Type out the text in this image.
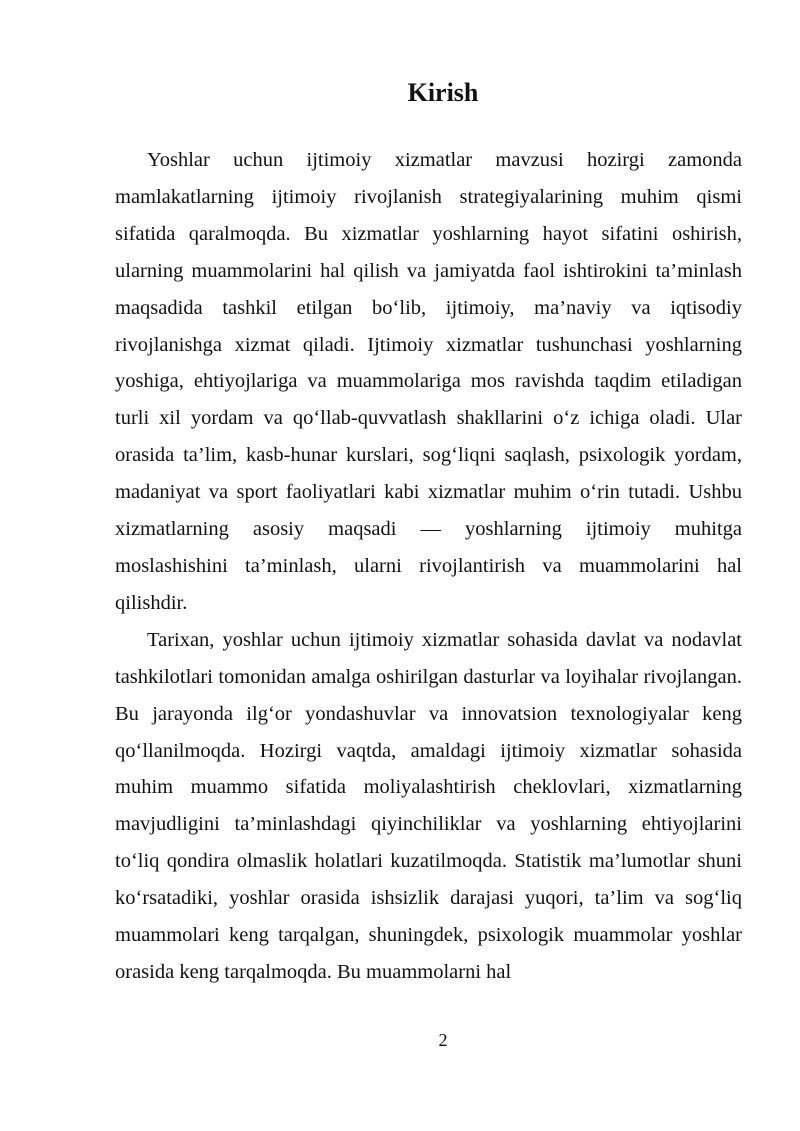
Kirish

Yoshlar uchun ijtimoiy xizmatlar mavzusi hozirgi zamonda mamlakatlarning ijtimoiy rivojlanish strategiyalarining muhim qismi sifatida qaralmoqda. Bu xizmatlar yoshlarning hayot sifatini oshirish, ularning muammolarini hal qilish va jamiyatda faol ishtirokini ta’minlash maqsadida tashkil etilgan bo‘lib, ijtimoiy, ma’naviy va iqtisodiy rivojlanishga xizmat qiladi. Ijtimoiy xizmatlar tushunchasi yoshlarning yoshiga, ehtiyojlariga va muammolariga mos ravishda taqdim etiladigan turli xil yordam va qo‘llab-quvvatlash shakllarini o‘z ichiga oladi. Ular orasida ta’lim, kasb-hunar kurslari, sog‘liqni saqlash, psixologik yordam, madaniyat va sport faoliyatlari kabi xizmatlar muhim o‘rin tutadi. Ushbu xizmatlarning asosiy maqsadi — yoshlarning ijtimoiy muhitga moslashishini ta’minlash, ularni rivojlantirish va muammolarini hal qilishdir.

Tarixan, yoshlar uchun ijtimoiy xizmatlar sohasida davlat va nodavlat tashkilotlari tomonidan amalga oshirilgan dasturlar va loyihalar rivojlangan. Bu jarayonda ilg‘or yondashuvlar va innovatsion texnologiyalar keng qo‘llanilmoqda. Hozirgi vaqtda, amaldagi ijtimoiy xizmatlar sohasida muhim muammo sifatida moliyalashtirish cheklovlari, xizmatlarning mavjudligini ta’minlashdagi qiyinchiliklar va yoshlarning ehtiyojlarini to‘liq qondira olmaslik holatlari kuzatilmoqda. Statistik ma’lumotlar shuni ko‘rsatadiki, yoshlar orasida ishsizlik darajasi yuqori, ta’lim va sog‘liq muammolari keng tarqalgan, shuningdek, psixologik muammolar yoshlar orasida keng tarqalmoqda. Bu muammolarni hal

2
